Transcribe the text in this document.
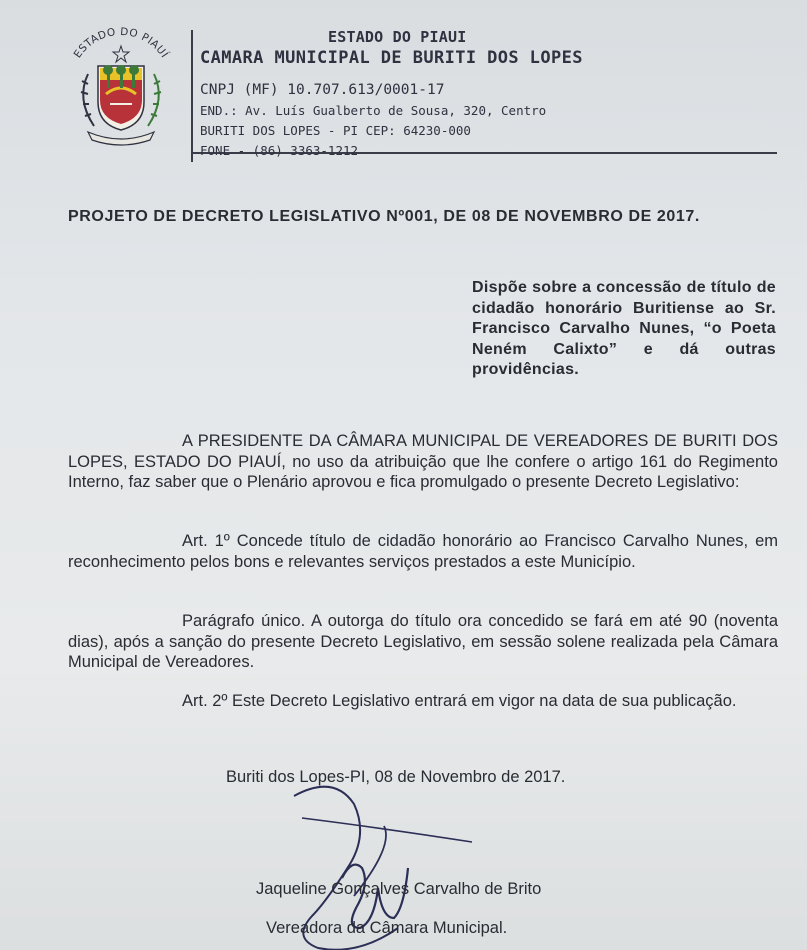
ESTADO DO PIAUÍ
ESTADO DO PIAUI
CAMARA MUNICIPAL DE BURITI DOS LOPES
CNPJ (MF) 10.707.613/0001-17
END.: Av. Luís Gualberto de Sousa, 320, Centro
BURITI DOS LOPES - PI CEP: 64230-000
FONE - (86) 3363-1212
PROJETO DE DECRETO LEGISLATIVO Nº001, DE 08 DE NOVEMBRO DE 2017.
Dispõe sobre a concessão de título de cidadão honorário Buritiense ao Sr. Francisco Carvalho Nunes, “o Poeta Neném Calixto” e dá outras providências.
A PRESIDENTE DA CÂMARA MUNICIPAL DE VEREADORES DE BURITI DOS LOPES, ESTADO DO PIAUÍ, no uso da atribuição que lhe confere o artigo 161 do Regimento Interno, faz saber que o Plenário aprovou e fica promulgado o presente Decreto Legislativo:
Art. 1º Concede título de cidadão honorário ao Francisco Carvalho Nunes, em reconhecimento pelos bons e relevantes serviços prestados a este Município.
Parágrafo único. A outorga do título ora concedido se fará em até 90 (noventa dias), após a sanção do presente Decreto Legislativo, em sessão solene realizada pela Câmara Municipal de Vereadores.
Art. 2º Este Decreto Legislativo entrará em vigor na data de sua publicação.
Buriti dos Lopes-PI, 08 de Novembro de 2017.
Jaqueline Gonçalves Carvalho de Brito
Vereadora da Câmara Municipal.
